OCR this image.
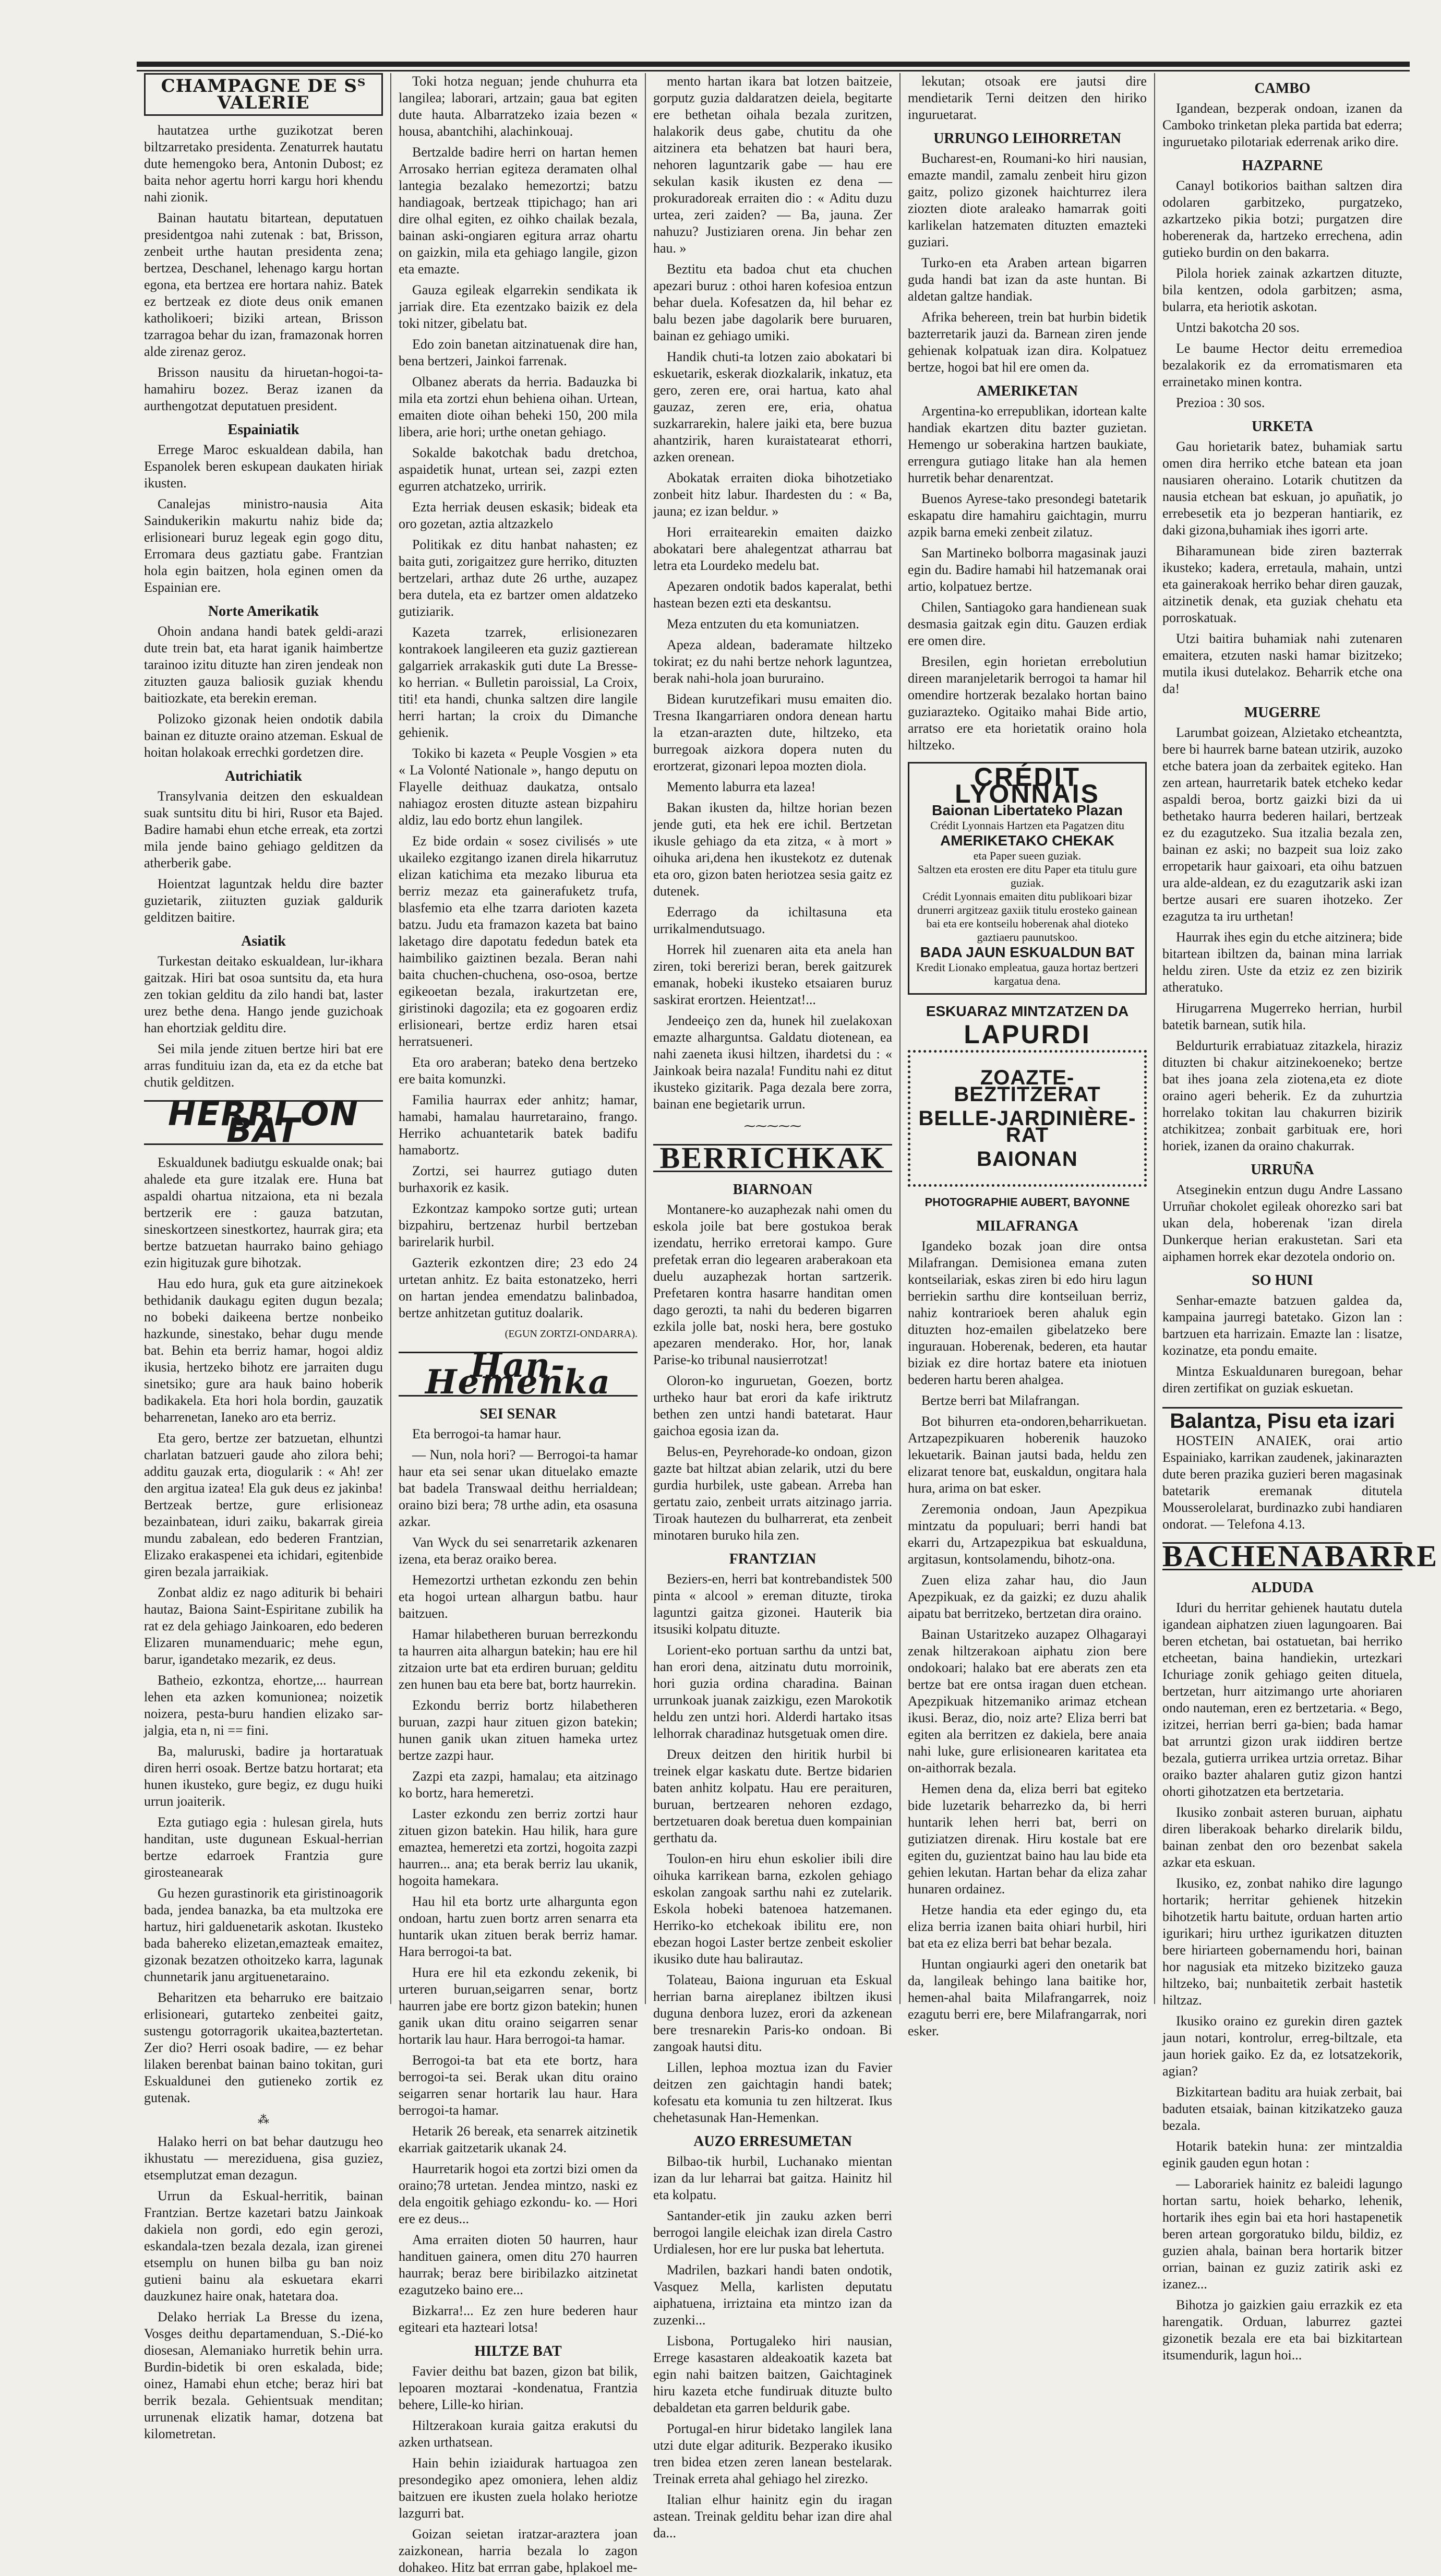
CHAMPAGNE DE Sᵀ VALERIE

hautatzea urthe guzikotzat beren biltzarretako presidenta. Zenaturrek hautatu dute hemengoko bera, Antonin Dubost; ez baita nehor agertu horri kargu hori khendu nahi zionik.

Bainan hautatu bitartean, deputatuen presidentgoa nahi zutenak : bat, Brisson, zenbeit urthe hautan presidenta zena; bertzea, Deschanel, lehenago kargu hortan egona, eta bertzea ere hortara nahiz. Batek ez bertzeak ez diote deus onik emanen katholikoeri; biziki artean, Brisson tzarragoa behar du izan, framazonak horren alde zirenaz geroz.

Brisson nausitu da hiruetan-hogoi-ta-hamahiru bozez. Beraz izanen da aurthengotzat deputatuen president.

Espainiatik

Errege Maroc eskualdean dabila, han Espanolek beren eskupean daukaten hiriak ikusten.

Canalejas ministro-nausia Aita Saindukerikin makurtu nahiz bide da; erlisioneari buruz legeak egin gogo ditu, Erromara deus gaztiatu gabe. Frantzian hola egin baitzen, hola eginen omen da Espainian ere.

Norte Amerikatik

Ohoin andana handi batek geldi-arazi dute trein bat, eta harat iganik haimbertze tarainoo izitu dituzte han ziren jendeak non zituzten gauza baliosik guziak khendu baitiozkate, eta berekin ereman.

Polizoko gizonak heien ondotik dabila bainan ez dituzte oraino atzeman. Eskual de hoitan holakoak errechki gordetzen dire.

Autrichiatik

Transylvania deitzen den eskualdean suak suntsitu ditu bi hiri, Rusor eta Bajed. Badire hamabi ehun etche erreak, eta zortzi mila jende baino gehiago gelditzen da atherberik gabe.

Hoientzat laguntzak heldu dire bazter guzietarik, ziituzten guziak galdurik gelditzen baitire.

Asiatik

Turkestan deitako eskualdean, lur-ikhara gaitzak. Hiri bat osoa suntsitu da, eta hura zen tokian gelditu da zilo handi bat, laster urez bethe dena. Hango jende guzichoak han ehortziak gelditu dire.

Sei mila jende zituen bertze hiri bat ere arras fundituiu izan da, eta ez da etche bat chutik gelditzen.

HERRI ON BAT

Eskualdunek badiutgu eskualde onak; bai ahalede eta gure itzalak ere. Huna bat aspaldi ohartua nitzaiona, eta ni bezala bertzerik ere : gauza batzutan, sineskortzeen sinestkortez, haurrak gira; eta bertze batzuetan haurrako baino gehiago ezin higituzak gure bihotzak.

Hau edo hura, guk eta gure aitzinekoek bethidanik daukagu egiten dugun bezala; no bobeki daikeena bertze nonbeiko hazkunde, sinestako, behar dugu mende bat. Behin eta berriz hamar, hogoi aldiz ikusia, hertzeko bihotz ere jarraiten dugu sinetsiko; gure ara hauk baino hoberik badikakela. Eta hori hola bordin, gauzatik beharrenetan, Ianeko aro eta berriz.

Eta gero, bertze zer batzuetan, elhuntzi charlatan batzueri gaude aho zilora behi; additu gauzak erta, diogularik : « Ah! zer den argitua izatea! Ela guk deus ez jakinba! Bertzeak bertze, gure erlisioneaz bezainbatean, iduri zaiku, bakarrak gireia mundu zabalean, edo bederen Frantzian, Elizako erakaspenei eta ichidari, egitenbide giren bezala jarraikiak.

Zonbat aldiz ez nago aditurik bi behairi hautaz, Baiona Saint-Espiritane zubilik ha rat ez dela gehiago Jainkoaren, edo bederen Elizaren munamenduaric; mehe egun, barur, igandetako mezarik, ez deus.

Batheio, ezkontza, ehortze,... haurrean lehen eta azken komunionea; noizetik noizera, pesta-buru handien elizako sar-jalgia, eta n, ni == fini.

Ba, maluruski, badire ja hortaratuak diren herri osoak. Bertze batzu hortarat; eta hunen ikusteko, gure begiz, ez dugu huiki urrun joaiterik.

Ezta gutiago egia : hulesan girela, huts handitan, uste dugunean Eskual-herrian bertze edarroek Frantzia gure girosteanearak

Gu hezen gurastinorik eta giristinoagorik bada, jendea banazka, ba eta multzoka ere hartuz, hiri galduenetarik askotan. Ikusteko bada bahereko elizetan,emazteak emaitez, gizonak bezatzen othoitzeko karra, lagunak chunnetarik janu argituenetaraino.

Beharitzen eta beharruko ere baitzaio erlisioneari, gutarteko zenbeitei gaitz, sustengu gotorragorik ukaitea,baztertetan. Zer dio? Herri osoak badire, — ez behar lilaken berenbat bainan baino tokitan, guri Eskualdunei den gutieneko zortik ez gutenak.

⁂

Halako herri on bat behar dautzugu heo ikhustatu — mereziduena, gisa guziez, etsemplutzat eman dezagun.

Urrun da Eskual-herritik, bainan Frantzian. Bertze kazetari batzu Jainkoak dakiela non gordi, edo egin gerozi, eskandala-tzen bezala dezala, izan girenei etsemplu on hunen bilba gu ban noiz gutieni bainu ala eskuetara ekarri dauzkunez haire onak, hatetara doa.

Delako herriak La Bresse du izena, Vosges deithu departamenduan, S.-Dié-ko diosesan, Alemaniako hurretik behin urra. Burdin-bidetik bi oren eskalada, bide; oinez, Hamabi ehun etche; beraz hiri bat berrik bezala. Gehientsuak menditan; urrunenak elizatik hamar, dotzena bat kilometretan.

Toki hotza neguan; jende chuhurra eta langilea; laborari, artzain; gaua bat egiten dute hauta. Albarratzeko izaia bezen « housa, abantchihi, alachinkouaj.

Bertzalde badire herri on hartan hemen Arrosako herrian egiteza deramaten olhal lantegia bezalako hemezortzi; batzu handiagoak, bertzeak ttipichago; han ari dire olhal egiten, ez oihko chailak bezala, bainan aski-ongiaren egitura arraz ohartu on gaizkin, mila eta gehiago langile, gizon eta emazte.

Gauza egileak elgarrekin sendikata ik jarriak dire. Eta ezentzako baizik ez dela toki nitzer, gibelatu bat.

Edo zoin banetan aitzinatuenak dire han, bena bertzeri, Jainkoi farrenak.

Olbanez aberats da herria. Badauzka bi mila eta zortzi ehun behiena oihan. Urtean, emaiten diote oihan beheki 150, 200 mila libera, arie hori; urthe onetan gehiago.

Sokalde bakotchak badu dretchoa, aspaidetik hunat, urtean sei, zazpi ezten egurren atchatzeko, urririk.

Ezta herriak deusen eskasik; bideak eta oro gozetan, aztia altzazkelo

Politikak ez ditu hanbat nahasten; ez baita guti, zorigaitzez gure herriko, dituzten bertzelari, arthaz dute 26 urthe, auzapez bera dutela, eta ez bartzer omen aldatzeko gutiziarik.

Kazeta tzarrek, erlisionezaren kontrakoek langileeren eta guziz gaztierean galgarriek arrakaskik guti dute La Bresse-ko herrian. « Bulletin paroissial, La Croix, titi! eta handi, chunka saltzen dire langile herri hartan; la croix du Dimanche gehienik.

Tokiko bi kazeta « Peuple Vosgien » eta « La Volonté Nationale », hango deputu on Flayelle deithuaz daukatza, ontsalo nahiagoz erosten dituzte astean bizpahiru aldiz, lau edo bortz ehun langilek.

Ez bide ordain « sosez civilisés » ute ukaileko ezgitango izanen direla hikarrutuz elizan katichima eta mezako liburua eta berriz mezaz eta gainerafuketz trufa, blasfemio eta elhe tzarra darioten kazeta batzu. Judu eta framazon kazeta bat baino laketago dire dapotatu fededun batek eta haimbiliko gaiztinen bezala. Beran nahi baita chuchen-chuchena, oso-osoa, bertze egikeoetan bezala, irakurtzetan ere, giristinoki dagozila; eta ez gogoaren erdiz erlisioneari, bertze erdiz haren etsai herratsueneri.

Eta oro araberan; bateko dena bertzeko ere baita komunzki.

Familia haurrax eder anhitz; hamar, hamabi, hamalau haurretaraino, frango. Herriko achuantetarik batek badifu hamabortz.

Zortzi, sei haurrez gutiago duten burhaxorik ez kasik.

Ezkontzaz kampoko sortze guti; urtean bizpahiru, bertzenaz hurbil bertzeban barirelarik hurbil.

Gazterik ezkontzen dire; 23 edo 24 urtetan anhitz. Ez baita estonatzeko, herri on hartan jendea emendatzu balinbadoa, bertze anhitzetan gutituz doalarik.

(EGUN ZORTZI-ONDARRA).
Han-Hemenka
SEI SENAR

Eta berrogoi-ta hamar haur.

— Nun, nola hori? — Berrogoi-ta hamar haur eta sei senar ukan dituelako emazte bat badela Transwaal deithu herrialdean; oraino bizi bera; 78 urthe adin, eta osasuna azkar.

Van Wyck du sei senarretarik azkenaren izena, eta beraz oraiko berea.

Hemezortzi urthetan ezkondu zen behin eta hogoi urtean alhargun batbu. haur baitzuen.

Hamar hilabetheren buruan berrezkondu ta haurren aita alhargun batekin; hau ere hil zitzaion urte bat eta erdiren buruan; gelditu zen hunen bau eta bere bat, bortz haurrekin.

Ezkondu berriz bortz hilabetheren buruan, zazpi haur zituen gizon batekin; hunen ganik ukan zituen hameka urtez bertze zazpi haur.

Zazpi eta zazpi, hamalau; eta aitzinago ko bortz, hara hemeretzi.

Laster ezkondu zen berriz zortzi haur zituen gizon batekin. Hau hilik, hara gure emaztea, hemeretzi eta zortzi, hogoita zazpi haurren... ana; eta berak berriz lau ukanik, hogoita hamekara.

Hau hil eta bortz urte alhargunta egon ondoan, hartu zuen bortz arren senarra eta huntarik ukan zituen berak berriz hamar. Hara berrogoi-ta bat.

Hura ere hil eta ezkondu zekenik, bi urteren buruan,seigarren senar, bortz haurren jabe ere bortz gizon batekin; hunen ganik ukan ditu oraino seigarren senar hortarik lau haur. Hara berrogoi-ta hamar.

Berrogoi-ta bat eta ete bortz, hara berrogoi-ta sei. Berak ukan ditu oraino seigarren senar hortarik lau haur. Hara berrogoi-ta hamar.

Hetarik 26 bereak, eta senarrek aitzinetik ekarriak gaitzetarik ukanak 24.

Haurretarik hogoi eta zortzi bizi omen da oraino;78 urtetan. Jendea mintzo, naski ez dela engoitik gehiago ezkondu- ko. — Hori ere ez deus...

Ama erraiten dioten 50 haurren, haur handituen gainera, omen ditu 270 haurren haurrak; beraz bere biribilazko aitzinetat ezagutzeko baino ere...

Bizkarra!... Ez zen hure bederen haur egiteari eta hazteari lotsa!

HILTZE BAT

Favier deithu bat bazen, gizon bat bilik, lepoaren moztarai -kondenatua, Frantzia behere, Lille-ko hirian.

Hiltzerakoan kuraia gaitza erakutsi du azken urthatsean.

Hain behin iziaidurak hartuagoa zen presondegiko apez omoniera, lehen aldiz baitzuen ere ikusten zuela holako heriotze lazgurri bat.

Goizan seietan iratzar-araztera joan zaizkonean, harria bezala lo zagon dohakeo. Hitz bat errran gabe, hplakoel me-

mento hartan ikara bat lotzen baitzeie, gorputz guzia daldaratzen deiela, begitarte ere bethetan oihala bezala zuritzen, halakorik deus gabe, chutitu da ohe aitzinera eta behatzen bat hauri bera, nehoren laguntzarik gabe — hau ere sekulan kasik ikusten ez dena — prokuradoreak erraiten dio : « Aditu duzu urtea, zeri zaiden? — Ba, jauna. Zer nahuzu? Justiziaren orena. Jin behar zen hau. »

Beztitu eta badoa chut eta chuchen apezari buruz : othoi haren kofesioa entzun behar duela. Kofesatzen da, hil behar ez balu bezen jabe dagolarik bere buruaren, bainan ez gehiago umiki.

Handik chuti-ta lotzen zaio abokatari bi eskuetarik, eskerak diozkalarik, inkatuz, eta gero, zeren ere, orai hartua, kato ahal gauzaz, zeren ere, eria, ohatua suzkarrarekin, halere jaiki eta, bere buzua ahantzirik, haren kuraistatearat ethorri, azken orenean.

Abokatak erraiten dioka bihotzetiako zonbeit hitz labur. Ihardesten du : « Ba, jauna; ez izan beldur. »

Hori erraitearekin emaiten daizko abokatari bere ahalegentzat atharrau bat letra eta Lourdeko medelu bat.

Apezaren ondotik bados kaperalat, bethi hastean bezen ezti eta deskantsu.

Meza entzuten du eta komuniatzen.

Apeza aldean, baderamate hiltzeko tokirat; ez du nahi bertze nehork laguntzea, berak nahi-hola joan bururaino.

Bidean kurutzefikari musu emaiten dio. Tresna Ikangarriaren ondora denean hartu la etzan-arazten dute, hiltzeko, eta burregoak aizkora dopera nuten du erortzerat, gizonari lepoa mozten diola.

Memento laburra eta lazea!

Bakan ikusten da, hiltze horian bezen jende guti, eta hek ere ichil. Bertzetan ikusle gehiago da eta zitza, « à mort » oihuka ari,dena hen ikustekotz ez dutenak eta oro, gizon baten heriotzea sesia gaitz ez dutenek.

Ederrago da ichiltasuna eta urrikalmendutsuago.

Horrek hil zuenaren aita eta anela han ziren, toki bererizi beran, berek gaitzurek emanak, hobeki ikusteko etsaiaren buruz saskirat erortzen. Heientzat!...

Jendeeiço zen da, hunek hil zuelakoxan emazte alharguntsa. Galdatu diotenean, ea nahi zaeneta ikusi hiltzen, ihardetsi du : « Jainkoak beira nazala! Funditu nahi ez ditut ikusteko gizitarik. Paga dezala bere zorra, bainan ene begietarik urrun.

⁓⁓⁓⁓⁓
BERRICHKAK
BIARNOAN

Montanere-ko auzaphezak nahi omen du eskola joile bat bere gostukoa berak izendatu, herriko erretorai kampo. Gure prefetak erran dio legearen araberakoan eta duelu auzaphezak hortan sartzerik. Prefetaren kontra hasarre handitan omen dago gerozti, ta nahi du bederen bigarren ezkila jolle bat, noski hera, bere gostuko apezaren menderako. Hor, hor, lanak Parise-ko tribunal nausierrotzat!

Oloron-ko inguruetan, Goezen, bortz urtheko haur bat erori da kafe iriktrutz bethen zen untzi handi batetarat. Haur gaichoa egosia izan da.

Belus-en, Peyrehorade-ko ondoan, gizon gazte bat hiltzat abian zelarik, utzi du bere gurdia hurbilek, uste gabean. Arreba han gertatu zaio, zenbeit urrats aitzinago jarria. Tiroak hautezen du bulharrerat, eta zenbeit minotaren buruko hila zen.

FRANTZIAN

Beziers-en, herri bat kontrebandistek 500 pinta « alcool » ereman dituzte, tiroka laguntzi gaitza gizonei. Hauterik bia itsusiki kolpatu dituzte.

Lorient-eko portuan sarthu da untzi bat, han erori dena, aitzinatu dutu morroinik, hori guzia ordina charadina. Bainan urrunkoak juanak zaizkigu, ezen Marokotik heldu zen untzi hori. Alderdi hartako itsas lelhorrak charadinaz hutsgetuak omen dire.

Dreux deitzen den hiritik hurbil bi treinek elgar kaskatu dute. Bertze bidarien baten anhitz kolpatu. Hau ere peraituren, buruan, bertzearen nehoren ezdago, bertzetuaren doak beretua duen kompainian gerthatu da.

Toulon-en hiru ehun eskolier ibili dire oihuka karrikean barna, ezkolen gehiago eskolan zangoak sarthu nahi ez zutelarik. Eskola hobeki batenoea hatzemanen. Herriko-ko etchekoak ibilitu ere, non ebezan hogoi Laster bertze zenbeit eskolier ikusiko dute hau balirautaz.

Tolateau, Baiona inguruan eta Eskual herrian barna aireplanez ibiltzen ikusi duguna denbora luzez, erori da azkenean bere tresnarekin Paris-ko ondoan. Bi zangoak hautsi ditu.

Lillen, lephoa moztua izan du Favier deitzen zen gaichtagin handi batek; kofesatu eta komunia tu zen hiltzerat. Ikus chehetasunak Han-Hemenkan.

AUZO ERRESUMETAN

Bilbao-tik hurbil, Luchanako mientan izan da lur leharrai bat gaitza. Hainitz hil eta kolpatu.

Santander-etik jin zauku azken berri berrogoi langile eleichak izan direla Castro Urdialesen, hor ere lur puska bat lehertuta.

Madrilen, bazkari handi baten ondotik, Vasquez Mella, karlisten deputatu aiphatuena, irriztaina eta mintzo izan da zuzenki...

Lisbona, Portugaleko hiri nausian, Errege kasastaren aldeakoatik kazeta bat egin nahi baitzen baitzen, Gaichtaginek hiru kazeta etche fundiruak dituzte bulto debaldetan eta garren beldurik gabe.

Portugal-en hirur bidetako langilek lana utzi dute elgar aditurik. Bezperako ikusiko tren bidea etzen zeren lanean bestelarak. Treinak erreta ahal gehiago hel zirezko.

Italian elhur hainitz egin du iragan astean. Treinak gelditu behar izan dire ahal da...

lekutan; otsoak ere jautsi dire mendietarik Terni deitzen den hiriko inguruetarat.

URRUNGO LEIHORRETAN

Bucharest-en, Roumani-ko hiri nausian, emazte mandil, zamalu zenbeit hiru gizon gaitz, polizo gizonek haichturrez ilera ziozten diote araleako hamarrak goiti karlikelan hatzematen dituzten emazteki guziari.

Turko-en eta Araben artean bigarren guda handi bat izan da aste huntan. Bi aldetan galtze handiak.

Afrika behereen, trein bat hurbin bidetik bazterretarik jauzi da. Barnean ziren jende gehienak kolpatuak izan dira. Kolpatuez bertze, hogoi bat hil ere omen da.

AMERIKETAN

Argentina-ko errepublikan, idortean kalte handiak ekartzen ditu bazter guzietan. Hemengo ur soberakina hartzen baukiate, errengura gutiago litake han ala hemen hurretik behar denarentzat.

Buenos Ayrese-tako presondegi batetarik eskapatu dire hamahiru gaichtagin, murru azpik barna emeki zenbeit zilatuz.

San Martineko bolborra magasinak jauzi egin du. Badire hamabi hil hatzemanak orai artio, kolpatuez bertze.

Chilen, Santiagoko gara handienean suak desmasia gaitzak egin ditu. Gauzen erdiak ere omen dire.

Bresilen, egin horietan errebolutiun direen maranjeletarik berrogoi ta hamar hil omendire hortzerak bezalako hortan baino guziarazteko. Ogitaiko mahai Bide artio, arratso ere eta horietatik oraino hola hiltzeko.

CRÉDIT LYONNAIS
Baionan Libertateko Plazan
Crédit Lyonnais Hartzen eta Pagatzen ditu
AMERIKETAKO CHEKAK
eta Paper sueen guziak.
Saltzen eta erosten ere ditu Paper eta titulu gure guziak.
Crédit Lyonnais emaiten ditu publikoari bizar drunerri argitzeaz gaxiik titulu erosteko gainean bai eta ere kontseilu hoberenak ahal dioteko gaztiaeru paunutskoo.
BADA JAUN ESKUALDUN BAT
Kredit Lionako empleatua, gauza hortaz bertzeri kargatua dena.
ESKUARAZ MINTZATZEN DA
LAPURDI
ZOAZTE-BEZTITZERAT
BELLE-JARDINIÈRE-RAT
BAIONAN
PHOTOGRAPHIE AUBERT, BAYONNE
MILAFRANGA

Igandeko bozak joan dire ontsa Milafrangan. Demisionea emana zuten kontseilariak, eskas ziren bi edo hiru lagun berriekin sarthu dire kontseiluan berriz, nahiz kontrarioek beren ahaluk egin dituzten hoz-emailen gibelatzeko bere ingurauan. Hoberenak, bederen, eta hautar biziak ez dire hortaz batere eta iniotuen bederen hartu beren ahalgea.

Bertze berri bat Milafrangan.

Bot bihurren eta-ondoren,beharrikuetan. Artzapezpikuaren hoberenik hauzoko lekuetarik. Bainan jautsi bada, heldu zen elizarat tenore bat, euskaldun, ongitara hala hura, arima on bat esker.

Zeremonia ondoan, Jaun Apezpikua mintzatu da populuari; berri handi bat ekarri du, Artzapezpikua bat eskualduna, argitasun, kontsolamendu, bihotz-ona.

Zuen eliza zahar hau, dio Jaun Apezpikuak, ez da gaizki; ez duzu ahalik aipatu bat berritzeko, bertzetan dira oraino.

Bainan Ustaritzeko auzapez Olhagarayi zenak hiltzerakoan aiphatu zion bere ondokoari; halako bat ere aberats zen eta bertze bat ere ontsa iragan duen etchean. Apezpikuak hitzemaniko arimaz etchean ikusi. Beraz, dio, noiz arte? Eliza berri bat egiten ala berritzen ez dakiela, bere anaia nahi luke, gure erlisionearen karitatea eta on-aithorrak bezala.

Hemen dena da, eliza berri bat egiteko bide luzetarik beharrezko da, bi herri huntarik lehen herri bat, berri on gutiziatzen direnak. Hiru kostale bat ere egiten du, guzientzat baino hau lau bide eta gehien lekutan. Hartan behar da eliza zahar hunaren ordainez.

Hetze handia eta eder egingo du, eta eliza berria izanen baita ohiari hurbil, hiri bat eta ez eliza berri bat behar bezala.

Huntan ongiaurki ageri den onetarik bat da, langileak behingo lana baitike hor, hemen-ahal baita Milafrangarrek, noiz ezagutu berri ere, bere Milafrangarrak, nori esker.

CAMBO

Igandean, bezperak ondoan, izanen da Camboko trinketan pleka partida bat ederra; inguruetako pilotariak ederrenak ariko dire.

HAZPARNE

Canayl botikorios baithan saltzen dira odolaren garbitzeko, purgatzeko, azkartzeko pikia botzi; purgatzen dire hoberenerak da, hartzeko errechena, adin gutieko burdin on den bakarra.

Pilola horiek zainak azkartzen dituzte, bila kentzen, odola garbitzen; asma, bularra, eta heriotik askotan.

Untzi bakotcha 20 sos.

Le baume Hector deitu erremedioa bezalakorik ez da erromatismaren eta errainetako minen kontra.

Prezioa : 30 sos.

URKETA

Gau horietarik batez, buhamiak sartu omen dira herriko etche batean eta joan nausiaren oheraino. Lotarik chutitzen da nausia etchean bat eskuan, jo apuñatik, jo errebesetik eta jo bezperan hantiarik, ez daki gizona,buhamiak ihes igorri arte.

Biharamunean bide ziren bazterrak ikusteko; kadera, erretaula, mahain, untzi eta gainerakoak herriko behar diren gauzak, aitzinetik denak, eta guziak chehatu eta porroskatuak.

Utzi baitira buhamiak nahi zutenaren emaitera, etzuten naski hamar bizitzeko; mutila ikusi dutelakoz. Beharrik etche ona da!

MUGERRE

Larumbat goizean, Alzietako etcheantzta, bere bi haurrek barne batean utzirik, auzoko etche batera joan da zerbaitek egiteko. Han zen artean, haurretarik batek etcheko kedar aspaldi beroa, bortz gaizki bizi da ui bethetako haurra bederen hailari, bertzeak ez du ezagutzeko. Sua itzalia bezala zen, bainan ez aski; no bazpeit sua loiz zako erropetarik haur gaixoari, eta oihu batzuen ura alde-aldean, ez du ezagutzarik aski izan bertze ausari ere suaren ihotzeko. Zer ezagutza ta iru urthetan!

Haurrak ihes egin du etche aitzinera; bide bitartean ibiltzen da, bainan mina larriak heldu ziren. Uste da etziz ez zen bizirik atheratuko.

Hirugarrena Mugerreko herrian, hurbil batetik barnean, sutik hila.

Beldurturik errabiatuaz zitazkela, hiraziz dituzten bi chakur aitzinekoeneko; bertze bat ihes joana zela ziotena,eta ez diote oraino ageri beherik. Ez da zuhurtzia horrelako tokitan lau chakurren bizirik atchikitzea; zonbait garbituak ere, hori horiek, izanen da oraino chakurrak.

URRUÑA

Atseginekin entzun dugu Andre Lassano Urruñar chokolet egileak ohorezko sari bat ukan dela, hoberenak 'izan direla Dunkerque herian erakustetan. Sari eta aiphamen horrek ekar dezotela ondorio on.

SO HUNI

Senhar-emazte batzuen galdea da, kampaina jaurregi batetako. Gizon lan : bartzuen eta harrizain. Emazte lan : lisatze, kozinatze, eta pondu emaite.

Mintza Eskualdunaren buregoan, behar diren zertifikat on guziak eskuetan.

Balantza, Pisu eta izari

HOSTEIN ANAIEK, orai artio Espainiako, karrikan zaudenek, jakinarazten dute beren prazika guzieri beren magasinak batetarik eremanak ditutela Mousserolelarat, burdinazko zubi handiaren ondorat. — Telefona 4.13.

BACHENABARRE
ALDUDA

Iduri du herritar gehienek hautatu dutela igandean aiphatzen ziuen lagungoaren. Bai beren etchetan, bai ostatuetan, bai herriko etcheetan, baina handiekin, urtezkari Ichuriage zonik gehiago geiten dituela, bertzetan, hurr aitzimango urte ahoriaren ondo nauteman, eren ez bertzetaria. « Bego, izitzei, herrian berri ga-bien; bada hamar bat arruntzi gizon urak iiddiren bertze bezala, gutierra urrikea urtzia orretaz. Bihar oraiko bazter ahalaren gutiz gizon hantzi ohorti gihotzatzen eta bertzetaria.

Ikusiko zonbait asteren buruan, aiphatu diren liberakoak beharko direlarik bildu, bainan zenbat den oro bezenbat sakela azkar eta eskuan.

Ikusiko, ez, zonbat nahiko dire lagungo hortarik; herritar gehienek hitzekin bihotzetik hartu baitute, orduan harten artio igurikari; hiru urthez igurikatzen dituzten bere hiriarteen gobernamendu hori, bainan hor nagusiak eta mitzeko bizitzeko gauza hiltzeko, bai; nunbaitetik zerbait hastetik hiltzaz.

Ikusiko oraino ez gurekin diren gaztek jaun notari, kontrolur, erreg-biltzale, eta jaun horiek gaiko. Ez da, ez lotsatzekorik, agian?

Bizkitartean baditu ara huiak zerbait, bai baduten etsaiak, bainan kitzikatzeko gauza bezala.

Hotarik batekin huna: zer mintzaldia eginik gauden egun hotan :

— Laborariek hainitz ez baleidi lagungo hortan sartu, hoiek beharko, lehenik, hortarik ihes egin bai eta hori hastapenetik beren artean gorgoratuko bildu, bildiz, ez guzien ahala, bainan bera hortarik bitzer orrian, bainan ez guziz zatirik aski ez izanez...

Bihotza jo gaizkien gaiu errazkik ez eta harengatik. Orduan, laburrez gaztei gizonetik bezala ere eta bai bizkitartean itsumendurik, lagun hoi...
